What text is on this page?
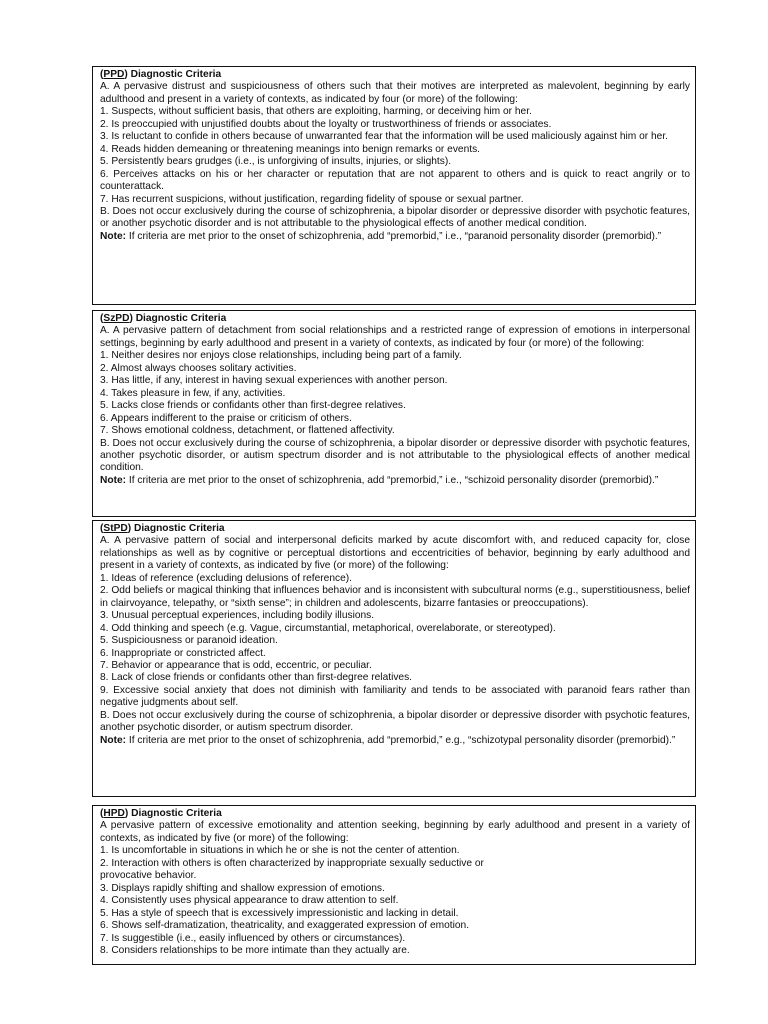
(PPD) Diagnostic Criteria

A. A pervasive distrust and suspiciousness of others such that their motives are interpreted as malevolent, beginning by early adulthood and present in a variety of contexts, as indicated by four (or more) of the following:

1. Suspects, without sufficient basis, that others are exploiting, harming, or deceiving him or her.
2. Is preoccupied with unjustified doubts about the loyalty or trustworthiness of friends or associates.
3. Is reluctant to confide in others because of unwarranted fear that the information will be used maliciously against him or her.
4. Reads hidden demeaning or threatening meanings into benign remarks or events.
5. Persistently bears grudges (i.e., is unforgiving of insults, injuries, or slights).
6. Perceives attacks on his or her character or reputation that are not apparent to others and is quick to react angrily or to counterattack.
7. Has recurrent suspicions, without justification, regarding fidelity of spouse or sexual partner.

B. Does not occur exclusively during the course of schizophrenia, a bipolar disorder or depressive disorder with psychotic features, or another psychotic disorder and is not attributable to the physiological effects of another medical condition.

Note: If criteria are met prior to the onset of schizophrenia, add “premorbid,” i.e., “paranoid personality disorder (premorbid).”

(SzPD) Diagnostic Criteria

A. A pervasive pattern of detachment from social relationships and a restricted range of expression of emotions in interpersonal settings, beginning by early adulthood and present in a variety of contexts, as indicated by four (or more) of the following:

1. Neither desires nor enjoys close relationships, including being part of a family.
2. Almost always chooses solitary activities.
3. Has little, if any, interest in having sexual experiences with another person.
4. Takes pleasure in few, if any, activities.
5. Lacks close friends or confidants other than first-degree relatives.
6. Appears indifferent to the praise or criticism of others.
7. Shows emotional coldness, detachment, or flattened affectivity.

B. Does not occur exclusively during the course of schizophrenia, a bipolar disorder or depressive disorder with psychotic features, another psychotic disorder, or autism spectrum disorder and is not attributable to the physiological effects of another medical condition.

Note: If criteria are met prior to the onset of schizophrenia, add “premorbid,” i.e., “schizoid personality disorder (premorbid).”

(StPD) Diagnostic Criteria

A. A pervasive pattern of social and interpersonal deficits marked by acute discomfort with, and reduced capacity for, close relationships as well as by cognitive or perceptual distortions and eccentricities of behavior, beginning by early adulthood and present in a variety of contexts, as indicated by five (or more) of the following:

1. Ideas of reference (excluding delusions of reference).
2. Odd beliefs or magical thinking that influences behavior and is inconsistent with subcultural norms (e.g., superstitiousness, belief in clairvoyance, telepathy, or “sixth sense”; in children and adolescents, bizarre fantasies or preoccupations).
3. Unusual perceptual experiences, including bodily illusions.
4. Odd thinking and speech (e.g. Vague, circumstantial, metaphorical, overelaborate, or stereotyped).
5. Suspiciousness or paranoid ideation.
6. Inappropriate or constricted affect.
7. Behavior or appearance that is odd, eccentric, or peculiar.
8. Lack of close friends or confidants other than first-degree relatives.
9. Excessive social anxiety that does not diminish with familiarity and tends to be associated with paranoid fears rather than negative judgments about self.

B. Does not occur exclusively during the course of schizophrenia, a bipolar disorder or depressive disorder with psychotic features, another psychotic disorder, or autism spectrum disorder.

Note: If criteria are met prior to the onset of schizophrenia, add “premorbid,” e.g., “schizotypal personality disorder (premorbid).”

(HPD) Diagnostic Criteria

A pervasive pattern of excessive emotionality and attention seeking, beginning by early adulthood and present in a variety of contexts, as indicated by five (or more) of the following:

1. Is uncomfortable in situations in which he or she is not the center of attention.
2. Interaction with others is often characterized by inappropriate sexually seductive or
provocative behavior.
3. Displays rapidly shifting and shallow expression of emotions.
4. Consistently uses physical appearance to draw attention to self.
5. Has a style of speech that is excessively impressionistic and lacking in detail.
6. Shows self-dramatization, theatricality, and exaggerated expression of emotion.
7. Is suggestible (i.e., easily influenced by others or circumstances).
8. Considers relationships to be more intimate than they actually are.
